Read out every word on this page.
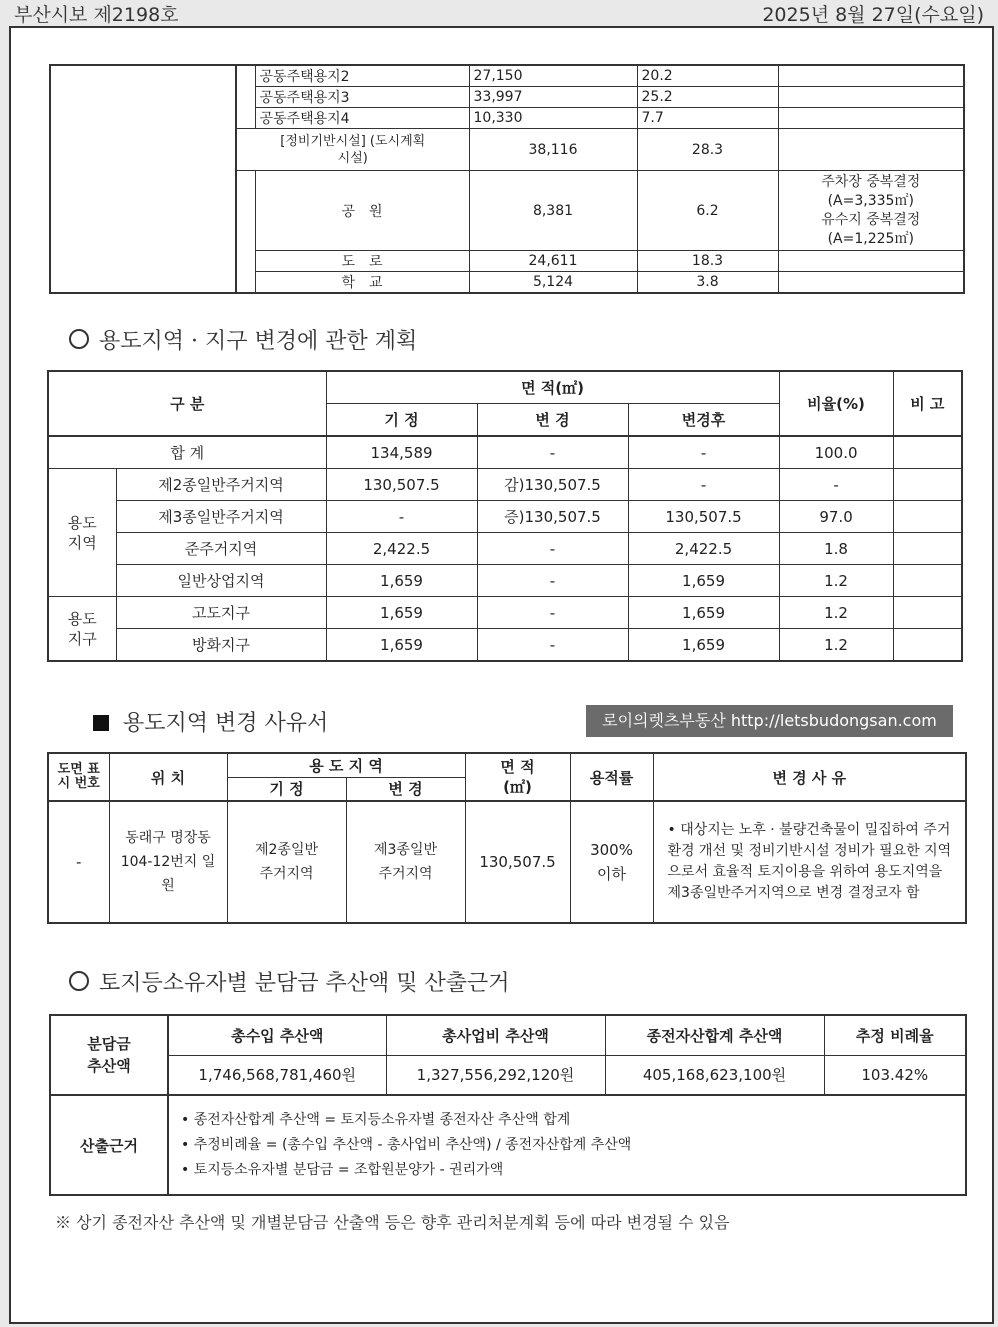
부산시보 제2198호	2025년 8월 27일(수요일)
		공동주택용지2	27,150	20.2	
		공동주택용지3	33,997	25.2	
		공동주택용지4	10,330	7.7	
	[정비기반시설] (도시계획시설)		38,116	28.3	
		공　원	8,381	6.2	주차장 중복결정
(A=3,335㎡)
유수지 중복결정
(A=1,225㎡)

		도　로	24,611	18.3	
		학　교	5,124	3.8	
용도지역 · 지구 변경에 관한 계획
구 분		면 적(㎡)			비율(%)	비 고
		기 정	변 경	변경후		
합 계		134,589	-	-	100.0	
용도 지역	제2종일반주거지역	130,507.5	감)130,507.5	-	-	
	제3종일반주거지역	-	증)130,507.5	130,507.5	97.0	
	준주거지역	2,422.5	-	2,422.5	1.8	
	일반상업지역	1,659	-	1,659	1.2	
용도 지구	고도지구	1,659	-	1,659	1.2	
	방화지구	1,659	-	1,659	1.2	
용도지역 변경 사유서	로이의렛츠부동산 http://letsbudongsan.com
도면 표시 번호	위 치	용 도 지 역		면 적 (㎡)	용적률	변 경 사 유
		기 정	변 경			
-	동래구 명장동 104-12번지 일원	제2종일반 주거지역	제3종일반 주거지역	130,507.5	300% 이하	• 대상지는 노후 · 불량건축물이 밀집하여 주거환경 개선 및 정비기반시설 정비가 필요한 지역으로서 효율적 토지이용을 위하여 용도지역을 제3종일반주거지역으로 변경 결정코자 함
토지등소유자별 분담금 추산액 및 산출근거
분담금 추산액	총수입 추산액	총사업비 추산액	종전자산합계 추산액	추정 비례율
	1,746,568,781,460원	1,327,556,292,120원	405,168,623,100원	103.42%
산출근거	• 종전자산합계 추산액 = 토지등소유자별 종전자산 추산액 합계
• 추정비례율 = (총수입 추산액 - 총사업비 추산액) / 종전자산합계 추산액
• 토지등소유자별 분담금 = 조합원분양가 - 권리가액			
※ 상기 종전자산 추산액 및 개별분담금 산출액 등은 향후 관리처분계획 등에 따라 변경될 수 있음
